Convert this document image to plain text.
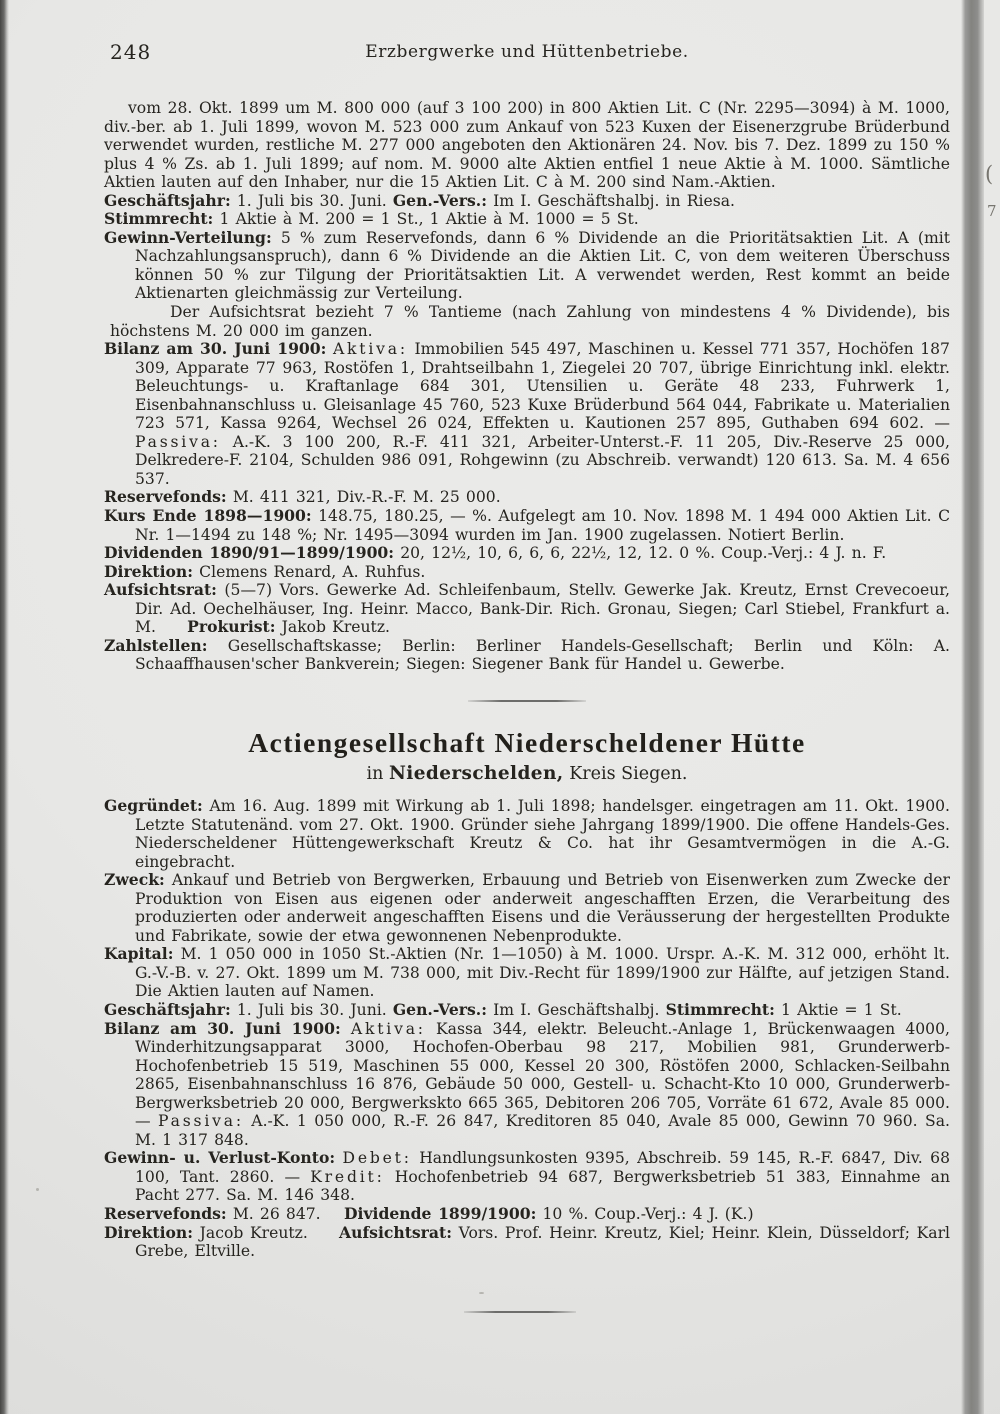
(
7
248	Erzbergwerke und Hüttenbetriebe.

vom 28. Okt. 1899 um M. 800 000 (auf 3 100 200) in 800 Aktien Lit. C (Nr. 2295—3094) à M. 1000, div.-ber. ab 1. Juli 1899, wovon M. 523 000 zum Ankauf von 523 Kuxen der Eisenerzgrube Brüderbund verwendet wurden, restliche M. 277 000 angeboten den Aktionären 24. Nov. bis 7. Dez. 1899 zu 150 % plus 4 % Zs. ab 1. Juli 1899; auf nom. M. 9000 alte Aktien entfiel 1 neue Aktie à M. 1000. Sämtliche Aktien lauten auf den Inhaber, nur die 15 Aktien Lit. C à M. 200 sind Nam.-Aktien.

Geschäftsjahr: 1. Juli bis 30. Juni. Gen.-Vers.: Im I. Geschäftshalbj. in Riesa.

Stimmrecht: 1 Aktie à M. 200 = 1 St., 1 Aktie à M. 1000 = 5 St.

Gewinn-Verteilung: 5 % zum Reservefonds, dann 6 % Dividende an die Prioritätsaktien Lit. A (mit Nachzahlungsanspruch), dann 6 % Dividende an die Aktien Lit. C, von dem weiteren Überschuss können 50 % zur Tilgung der Prioritätsaktien Lit. A verwendet werden, Rest kommt an beide Aktienarten gleichmässig zur Verteilung.

Der Aufsichtsrat bezieht 7 % Tantieme (nach Zahlung von mindestens 4 % Dividende), bis höchstens M. 20 000 im ganzen.

Bilanz am 30. Juni 1900: Aktiva: Immobilien 545 497, Maschinen u. Kessel 771 357, Hochöfen 187 309, Apparate 77 963, Rostöfen 1, Drahtseilbahn 1, Ziegelei 20 707, übrige Einrichtung inkl. elektr. Beleuchtungs- u. Kraftanlage 684 301, Utensilien u. Geräte 48 233, Fuhrwerk 1, Eisenbahnanschluss u. Gleisanlage 45 760, 523 Kuxe Brüderbund 564 044, Fabrikate u. Materialien 723 571, Kassa 9264, Wechsel 26 024, Effekten u. Kautionen 257 895, Guthaben 694 602. — Passiva: A.-K. 3 100 200, R.-F. 411 321, Arbeiter-Unterst.-F. 11 205, Div.-Reserve 25 000, Delkredere-F. 2104, Schulden 986 091, Rohgewinn (zu Abschreib. verwandt) 120 613. Sa. M. 4 656 537.

Reservefonds: M. 411 321, Div.-R.-F. M. 25 000.

Kurs Ende 1898—1900: 148.75, 180.25, — %. Aufgelegt am 10. Nov. 1898 M. 1 494 000 Aktien Lit. C Nr. 1—1494 zu 148 %; Nr. 1495—3094 wurden im Jan. 1900 zugelassen. Notiert Berlin.

Dividenden 1890/91—1899/1900: 20, 12½, 10, 6, 6, 6, 22½, 12, 12. 0 %. Coup.-Verj.: 4 J. n. F.

Direktion: Clemens Renard, A. Ruhfus.

Aufsichtsrat: (5—7) Vors. Gewerke Ad. Schleifenbaum, Stellv. Gewerke Jak. Kreutz, Ernst Crevecoeur, Dir. Ad. Oechelhäuser, Ing. Heinr. Macco, Bank-Dir. Rich. Gronau, Siegen; Carl Stiebel, Frankfurt a. M.  Prokurist: Jakob Kreutz.

Zahlstellen: Gesellschaftskasse; Berlin: Berliner Handels-Gesellschaft; Berlin und Köln: A. Schaaffhausen'scher Bankverein; Siegen: Siegener Bank für Handel u. Gewerbe.

Actiengesellschaft Niederscheldener Hütte
in Niederschelden, Kreis Siegen.

Gegründet: Am 16. Aug. 1899 mit Wirkung ab 1. Juli 1898; handelsger. eingetragen am 11. Okt. 1900. Letzte Statutenänd. vom 27. Okt. 1900. Gründer siehe Jahrgang 1899/1900. Die offene Handels-Ges. Niederscheldener Hüttengewerkschaft Kreutz & Co. hat ihr Gesamtvermögen in die A.-G. eingebracht.

Zweck: Ankauf und Betrieb von Bergwerken, Erbauung und Betrieb von Eisenwerken zum Zwecke der Produktion von Eisen aus eigenen oder anderweit angeschafften Erzen, die Verarbeitung des produzierten oder anderweit angeschafften Eisens und die Veräusserung der hergestellten Produkte und Fabrikate, sowie der etwa gewonnenen Nebenprodukte.

Kapital: M. 1 050 000 in 1050 St.-Aktien (Nr. 1—1050) à M. 1000. Urspr. A.-K. M. 312 000, erhöht lt. G.-V.-B. v. 27. Okt. 1899 um M. 738 000, mit Div.-Recht für 1899/1900 zur Hälfte, auf jetzigen Stand. Die Aktien lauten auf Namen.

Geschäftsjahr: 1. Juli bis 30. Juni. Gen.-Vers.: Im I. Geschäftshalbj. Stimmrecht: 1 Aktie = 1 St.

Bilanz am 30. Juni 1900: Aktiva: Kassa 344, elektr. Beleucht.-Anlage 1, Brückenwaagen 4000, Winderhitzungsapparat 3000, Hochofen-Oberbau 98 217, Mobilien 981, Grunderwerb-Hochofenbetrieb 15 519, Maschinen 55 000, Kessel 20 300, Röstöfen 2000, Schlacken-Seilbahn 2865, Eisenbahnanschluss 16 876, Gebäude 50 000, Gestell- u. Schacht-Kto 10 000, Grunderwerb-Bergwerksbetrieb 20 000, Bergwerkskto 665 365, Debitoren 206 705, Vorräte 61 672, Avale 85 000. — Passiva: A.-K. 1 050 000, R.-F. 26 847, Kreditoren 85 040, Avale 85 000, Gewinn 70 960. Sa. M. 1 317 848.

Gewinn- u. Verlust-Konto: Debet: Handlungsunkosten 9395, Abschreib. 59 145, R.-F. 6847, Div. 68 100, Tant. 2860. — Kredit: Hochofenbetrieb 94 687, Bergwerksbetrieb 51 383, Einnahme an Pacht 277. Sa. M. 146 348.

Reservefonds: M. 26 847.  Dividende 1899/1900: 10 %. Coup.-Verj.: 4 J. (K.)

Direktion: Jacob Kreutz.  Aufsichtsrat: Vors. Prof. Heinr. Kreutz, Kiel; Heinr. Klein, Düsseldorf; Karl Grebe, Eltville.
